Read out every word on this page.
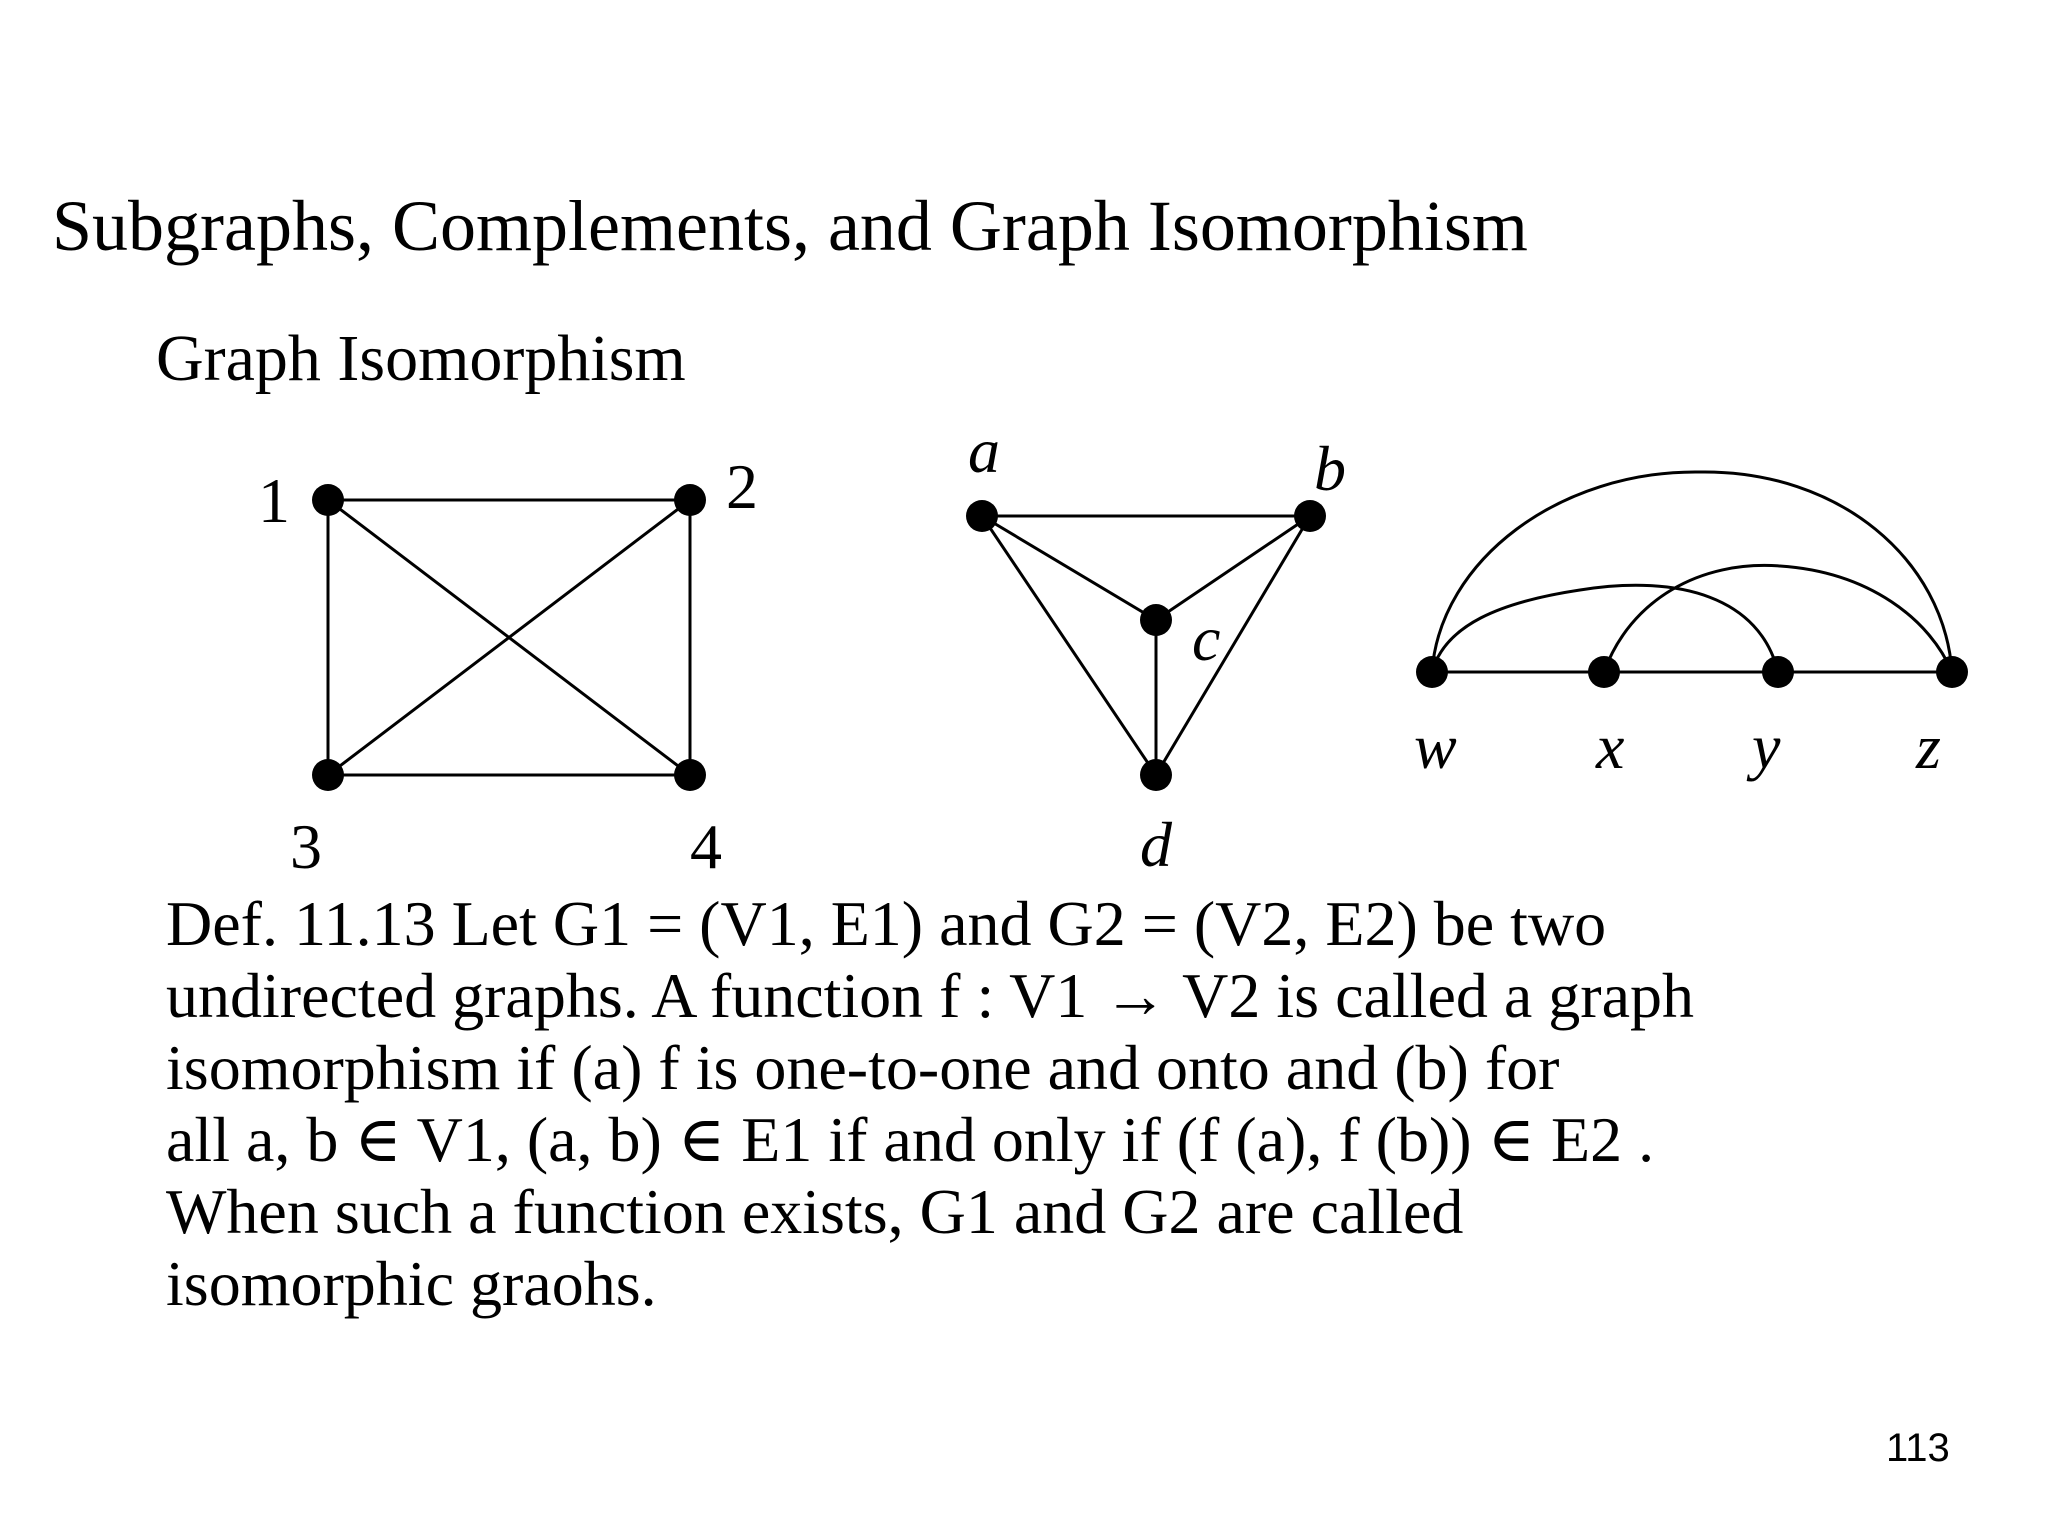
Subgraphs, Complements, and Graph Isomorphism
Graph Isomorphism
1	2
3	4
a	b
c
d
w x y z
Def. 11.13 Let G1 = (V1, E1) and G2 = (V2, E2) be two
undirected graphs. A function f : V1 → V2 is called a graph
isomorphism if (a) f is one-to-one and onto and (b) for
all a, b ∈ V1, (a, b) ∈ E1 if and only if (f (a), f (b)) ∈ E2 .
When such a function exists, G1 and G2 are called
isomorphic graohs.
113
